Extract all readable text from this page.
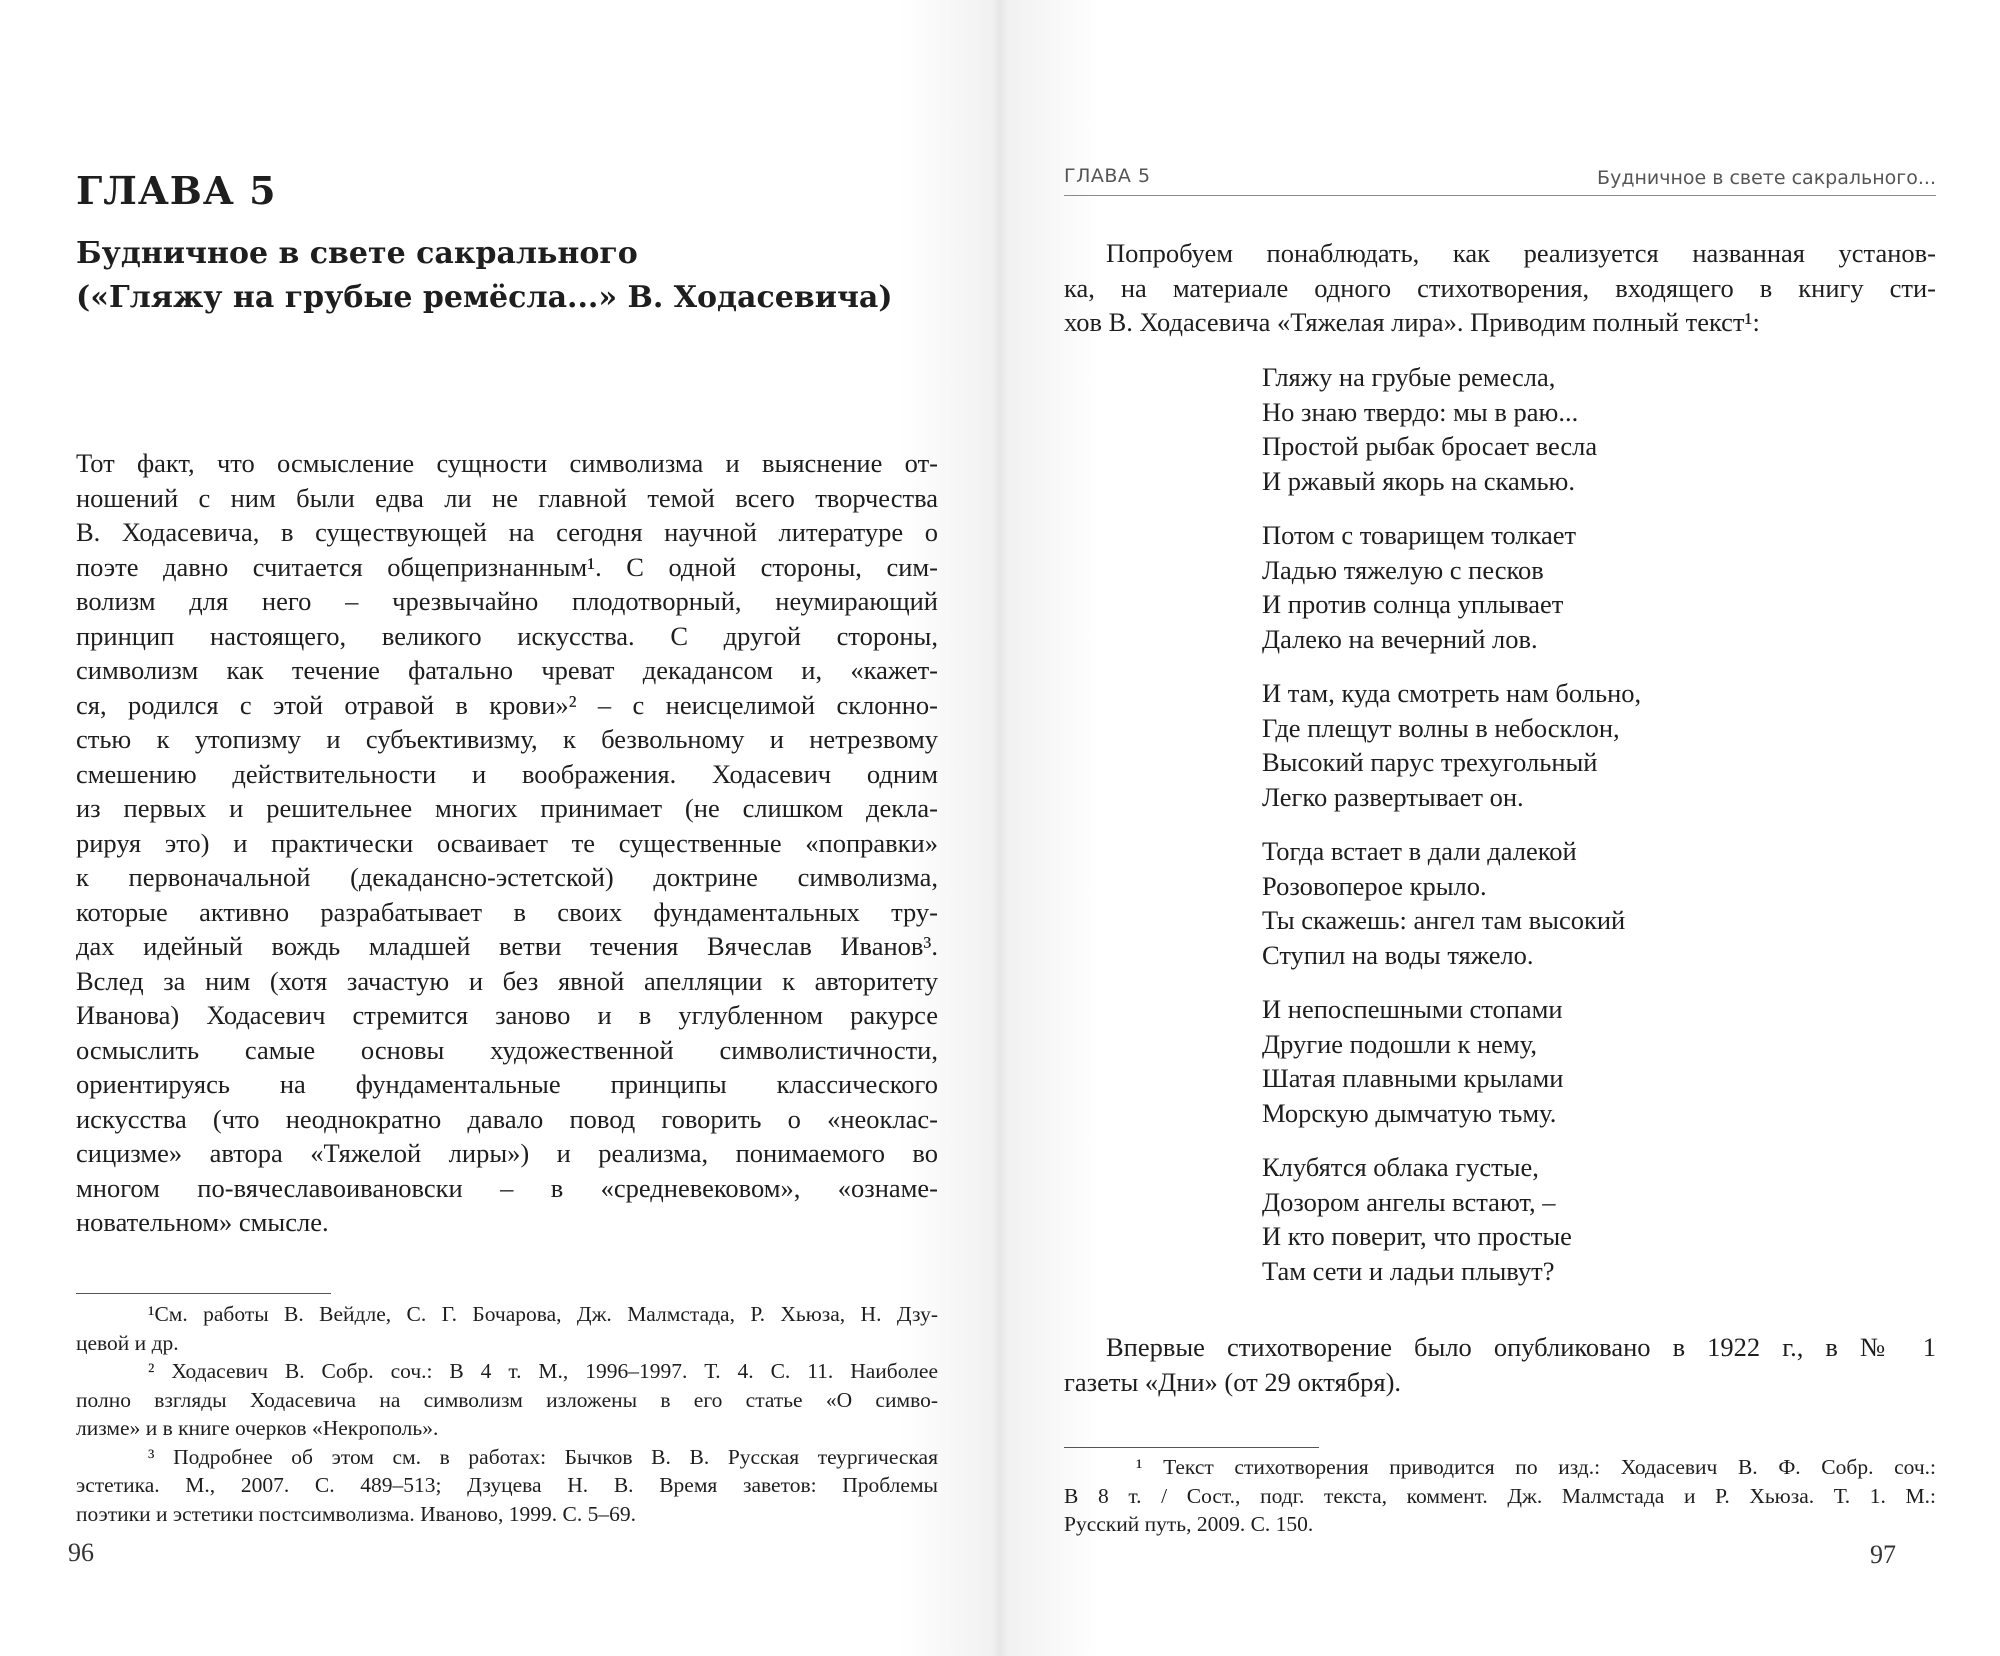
ГЛАВА 5
Будничное в свете сакрального
(«Гляжу на грубые ремёсла...» В. Ходасевича)
Тот факт, что осмысление сущности символизма и выяснение от-
ношений с ним были едва ли не главной темой всего творчества
В. Ходасевича, в существующей на сегодня научной литературе о
поэте давно считается общепризнанным¹. С одной стороны, сим-
волизм для него – чрезвычайно плодотворный, неумирающий
принцип настоящего, великого искусства. С другой стороны,
символизм как течение фатально чреват декадансом и, «кажет-
ся, родился с этой отравой в крови»² – с неисцелимой склонно-
стью к утопизму и субъективизму, к безвольному и нетрезвому
смешению действительности и воображения. Ходасевич одним
из первых и решительнее многих принимает (не слишком декла-
рируя это) и практически осваивает те существенные «поправки»
к первоначальной (декадансно-эстетской) доктрине символизма,
которые активно разрабатывает в своих фундаментальных тру-
дах идейный вождь младшей ветви течения Вячеслав Иванов³.
Вслед за ним (хотя зачастую и без явной апелляции к авторитету
Иванова) Ходасевич стремится заново и в углубленном ракурсе
осмыслить самые основы художественной символистичности,
ориентируясь на фундаментальные принципы классического
искусства (что неоднократно давало повод говорить о «неоклас-
сицизме» автора «Тяжелой лиры») и реализма, понимаемого во
многом по-вячеславоивановски – в «средневековом», «ознаме-
новательном» смысле.

¹См. работы В. Вейдле, С. Г. Бочарова, Дж. Малмстада, Р. Хьюза, Н. Дзу-
цевой и др.

² Ходасевич В. Собр. соч.: В 4 т. М., 1996–1997. Т. 4. С. 11. Наиболее
полно взгляды Ходасевича на символизм изложены в его статье «О симво-
лизме» и в книге очерков «Некрополь».

³ Подробнее об этом см. в работах: Бычков В. В. Русская теургическая
эстетика. М., 2007. С. 489–513; Дзуцева Н. В. Время заветов: Проблемы
поэтики и эстетики постсимволизма. Иваново, 1999. С. 5–69.

96

ГЛАВА 5	Будничное в свете сакрального...
Попробуем понаблюдать, как реализуется названная установ-
ка, на материале одного стихотворения, входящего в книгу сти-
хов В. Ходасевича «Тяжелая лира». Приводим полный текст¹:
Гляжу на грубые ремесла,
Но знаю твердо: мы в раю...
Простой рыбак бросает весла
И ржавый якорь на скамью.
Потом с товарищем толкает
Ладью тяжелую с песков
И против солнца уплывает
Далеко на вечерний лов.
И там, куда смотреть нам больно,
Где плещут волны в небосклон,
Высокий парус трехугольный
Легко развертывает он.
Тогда встает в дали далекой
Розовоперое крыло.
Ты скажешь: ангел там высокий
Ступил на воды тяжело.
И непоспешными стопами
Другие подошли к нему,
Шатая плавными крылами
Морскую дымчатую тьму.
Клубятся облака густые,
Дозором ангелы встают, –
И кто поверит, что простые
Там сети и ладьи плывут?
Впервые стихотворение было опубликовано в 1922 г., в № 1
газеты «Дни» (от 29 октября).

¹ Текст стихотворения приводится по изд.: Ходасевич В. Ф. Собр. соч.:
В 8 т. / Сост., подг. текста, коммент. Дж. Малмстада и Р. Хьюза. Т. 1. М.:
Русский путь, 2009. С. 150.

97
